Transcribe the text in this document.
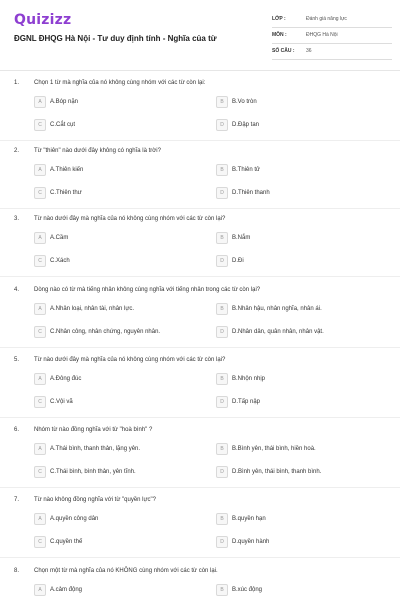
Quizizz
ĐGNL ĐHQG Hà Nội - Tư duy định tính - Nghĩa của từ
LỚP :	Đánh giá năng lực
MÔN :	ĐHQG Hà Nội
SỐ CÂU : 36
1. Chọn 1 từ mà nghĩa của nó không cùng nhóm với các từ còn lại:
A	A.Bóp nặn	B	B.Vo tròn
C	C.Cắt cụt	D	D.Đập tan
2. Từ "thiên" nào dưới đây không có nghĩa là trời?
A	A.Thiên kiến	B	B.Thiên tử
C	C.Thiên thư	D	D.Thiên thanh
3. Từ nào dưới đây mà nghĩa của nó không cùng nhóm với các từ còn lại?
A	A.Cầm	B	B.Nắm
C	C.Xách	D	D.Đi
4. Dòng nào có từ mà tiếng nhân không cùng nghĩa với tiếng nhân trong các từ còn lại?
A	A.Nhân loại, nhân tài, nhân lực.	B	B.Nhân hậu, nhân nghĩa, nhân ái.
C	C.Nhân công, nhân chứng, nguyên nhân.	D	D.Nhân dân, quân nhân, nhân vật.
5. Từ nào dưới đây mà nghĩa của nó không cùng nhóm với các từ còn lại?
A	A.Đông đúc	B	B.Nhộn nhịp
C	C.Vội vã	D	D.Tấp nập
6. Nhóm từ nào đồng nghĩa với từ "hoà bình" ?
A	A.Thái bình, thanh thản, lặng yên.	B	B.Bình yên, thái bình, hiền hoà.
C	C.Thái bình, bình thản, yên tĩnh.	D	D.Bình yên, thái bình, thanh bình.
7. Từ nào không đồng nghĩa với từ "quyền lực"?
A	A.quyền công dân	B	B.quyền hạn
C	C.quyền thế	D	D.quyền hành
8. Chọn một từ mà nghĩa của nó KHÔNG cùng nhóm với các từ còn lại.
A	A.cảm động	B	B.xúc động
